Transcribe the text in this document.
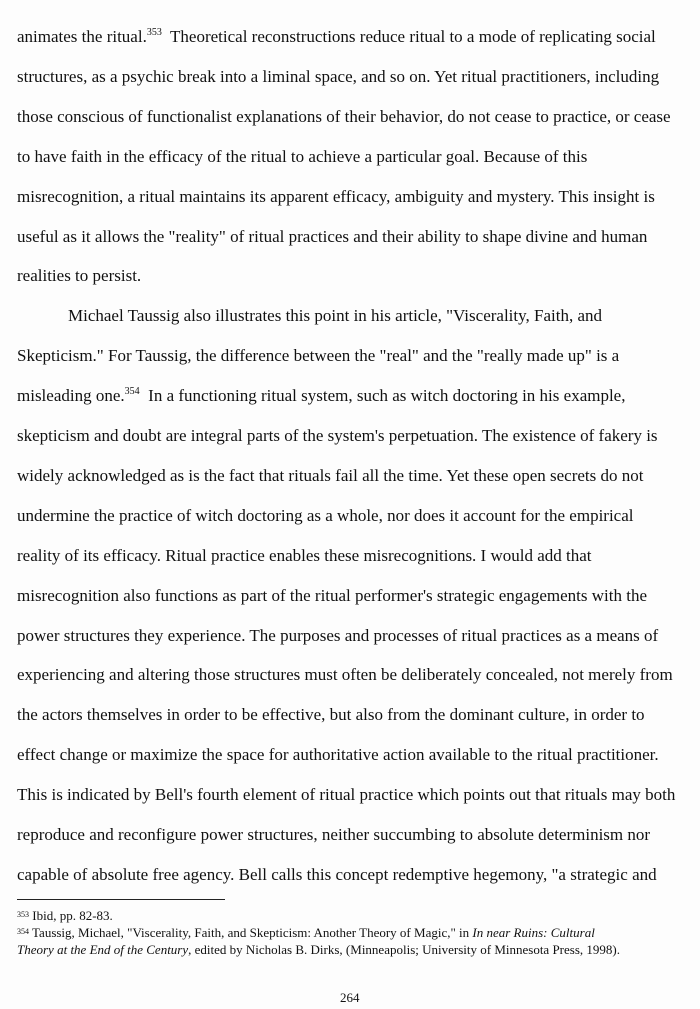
animates the ritual.$^{353}$  Theoretical reconstructions reduce ritual to a mode of replicating social
structures, as a psychic break into a liminal space, and so on. Yet ritual practitioners, including
those conscious of functionalist explanations of their behavior, do not cease to practice, or cease
to have faith in the efficacy of the ritual to achieve a particular goal. Because of this
misrecognition, a ritual maintains its apparent efficacy, ambiguity and mystery. This insight is
useful as it allows the "reality" of ritual practices and their ability to shape divine and human
realities to persist.
Michael Taussig also illustrates this point in his article, "Viscerality, Faith, and
Skepticism." For Taussig, the difference between the "real" and the "really made up" is a
misleading one.$^{354}$  In a functioning ritual system, such as witch doctoring in his example,
skepticism and doubt are integral parts of the system's perpetuation. The existence of fakery is
widely acknowledged as is the fact that rituals fail all the time. Yet these open secrets do not
undermine the practice of witch doctoring as a whole, nor does it account for the empirical
reality of its efficacy. Ritual practice enables these misrecognitions. I would add that
misrecognition also functions as part of the ritual performer's strategic engagements with the
power structures they experience. The purposes and processes of ritual practices as a means of
experiencing and altering those structures must often be deliberately concealed, not merely from
the actors themselves in order to be effective, but also from the dominant culture, in order to
effect change or maximize the space for authoritative action available to the ritual practitioner.
This is indicated by Bell's fourth element of ritual practice which points out that rituals may both
reproduce and reconfigure power structures, neither succumbing to absolute determinism nor
capable of absolute free agency. Bell calls this concept redemptive hegemony, "a strategic and
$^{353}$ Ibid, pp. 82-83.
$^{354}$ Taussig, Michael, "Viscerality, Faith, and Skepticism: Another Theory of Magic," in In near Ruins: Cultural
Theory at the End of the Century, edited by Nicholas B. Dirks, (Minneapolis; University of Minnesota Press, 1998).
264
